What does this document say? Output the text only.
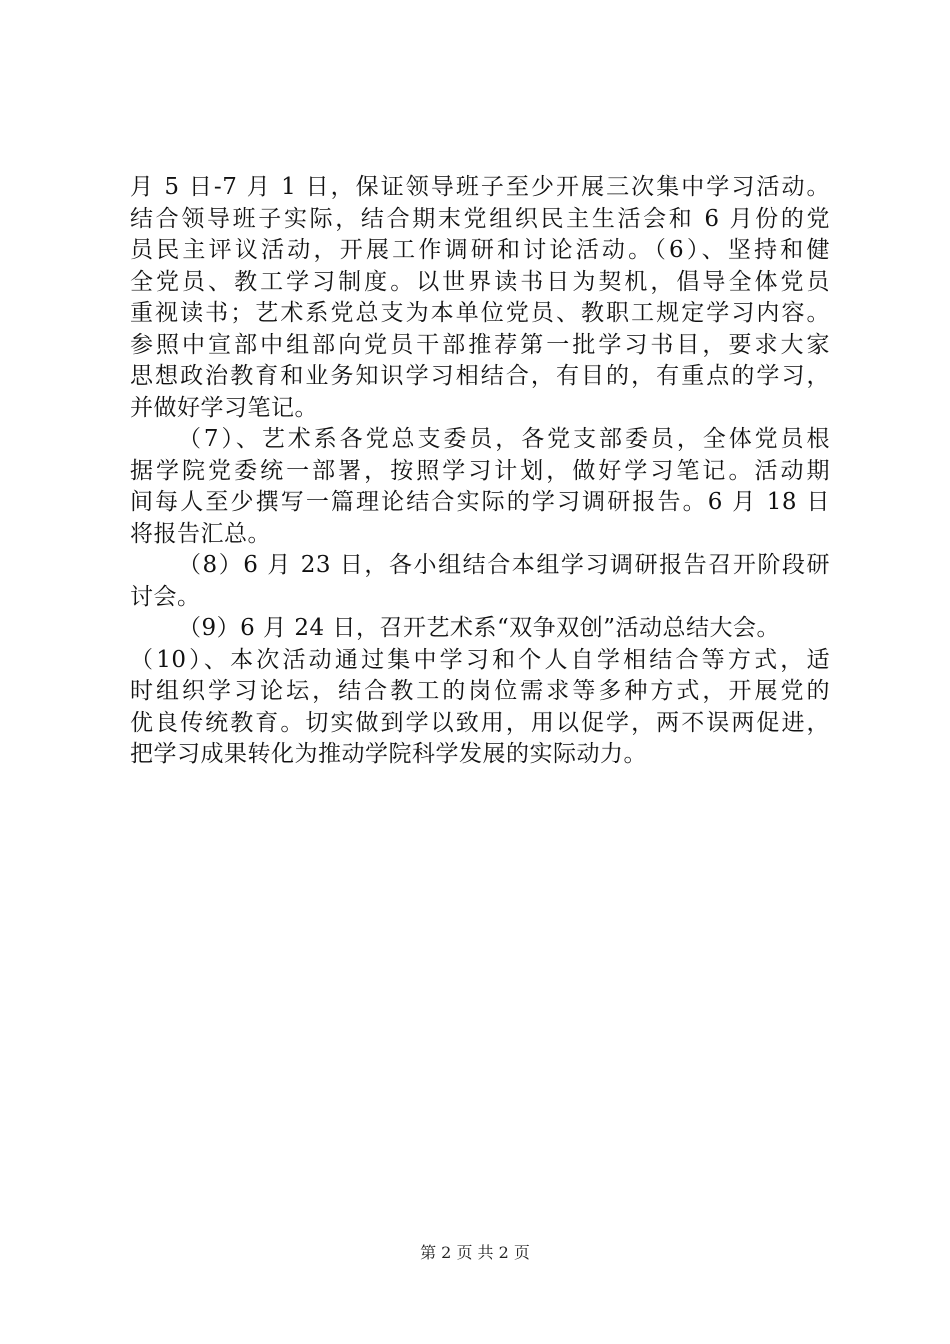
月 5 日-7 月 1 日，保证领导班子至少开展三次集中学习活动。
结合领导班子实际，结合期末党组织民主生活会和 6 月份的党
员民主评议活动，开展工作调研和讨论活动。（6）、坚持和健
全党员、教工学习制度。以世界读书日为契机，倡导全体党员
重视读书；艺术系党总支为本单位党员、教职工规定学习内容。
参照中宣部中组部向党员干部推荐第一批学习书目，要求大家
思想政治教育和业务知识学习相结合，有目的，有重点的学习，
并做好学习笔记。
（7）、艺术系各党总支委员，各党支部委员，全体党员根
据学院党委统一部署，按照学习计划，做好学习笔记。活动期
间每人至少撰写一篇理论结合实际的学习调研报告。6 月 18 日
将报告汇总。
（8）6 月 23 日，各小组结合本组学习调研报告召开阶段研
讨会。
（9）6 月 24 日，召开艺术系“双争双创”活动总结大会。
（10）、本次活动通过集中学习和个人自学相结合等方式，适
时组织学习论坛，结合教工的岗位需求等多种方式，开展党的
优良传统教育。切实做到学以致用，用以促学，两不误两促进，
把学习成果转化为推动学院科学发展的实际动力。
第 2 页 共 2 页
